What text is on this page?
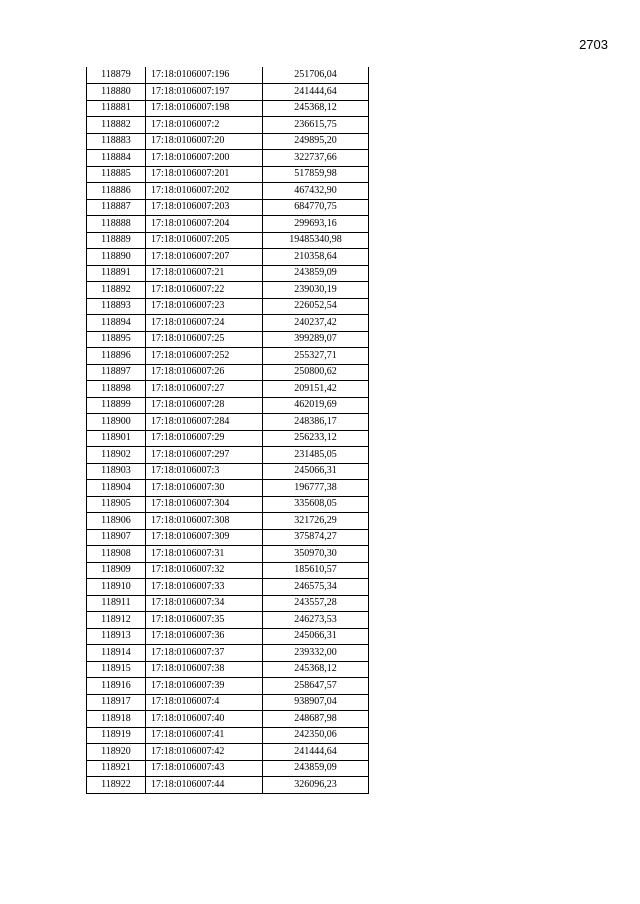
2703
118879	17:18:0106007:196	251706,04
118880	17:18:0106007:197	241444,64
118881	17:18:0106007:198	245368,12
118882	17:18:0106007:2	236615,75
118883	17:18:0106007:20	249895,20
118884	17:18:0106007:200	322737,66
118885	17:18:0106007:201	517859,98
118886	17:18:0106007:202	467432,90
118887	17:18:0106007:203	684770,75
118888	17:18:0106007:204	299693,16
118889	17:18:0106007:205	19485340,98
118890	17:18:0106007:207	210358,64
118891	17:18:0106007:21	243859,09
118892	17:18:0106007:22	239030,19
118893	17:18:0106007:23	226052,54
118894	17:18:0106007:24	240237,42
118895	17:18:0106007:25	399289,07
118896	17:18:0106007:252	255327,71
118897	17:18:0106007:26	250800,62
118898	17:18:0106007:27	209151,42
118899	17:18:0106007:28	462019,69
118900	17:18:0106007:284	248386,17
118901	17:18:0106007:29	256233,12
118902	17:18:0106007:297	231485,05
118903	17:18:0106007:3	245066,31
118904	17:18:0106007:30	196777,38
118905	17:18:0106007:304	335608,05
118906	17:18:0106007:308	321726,29
118907	17:18:0106007:309	375874,27
118908	17:18:0106007:31	350970,30
118909	17:18:0106007:32	185610,57
118910	17:18:0106007:33	246575,34
118911	17:18:0106007:34	243557,28
118912	17:18:0106007:35	246273,53
118913	17:18:0106007:36	245066,31
118914	17:18:0106007:37	239332,00
118915	17:18:0106007:38	245368,12
118916	17:18:0106007:39	258647,57
118917	17:18:0106007:4	938907,04
118918	17:18:0106007:40	248687,98
118919	17:18:0106007:41	242350,06
118920	17:18:0106007:42	241444,64
118921	17:18:0106007:43	243859,09
118922	17:18:0106007:44	326096,23
